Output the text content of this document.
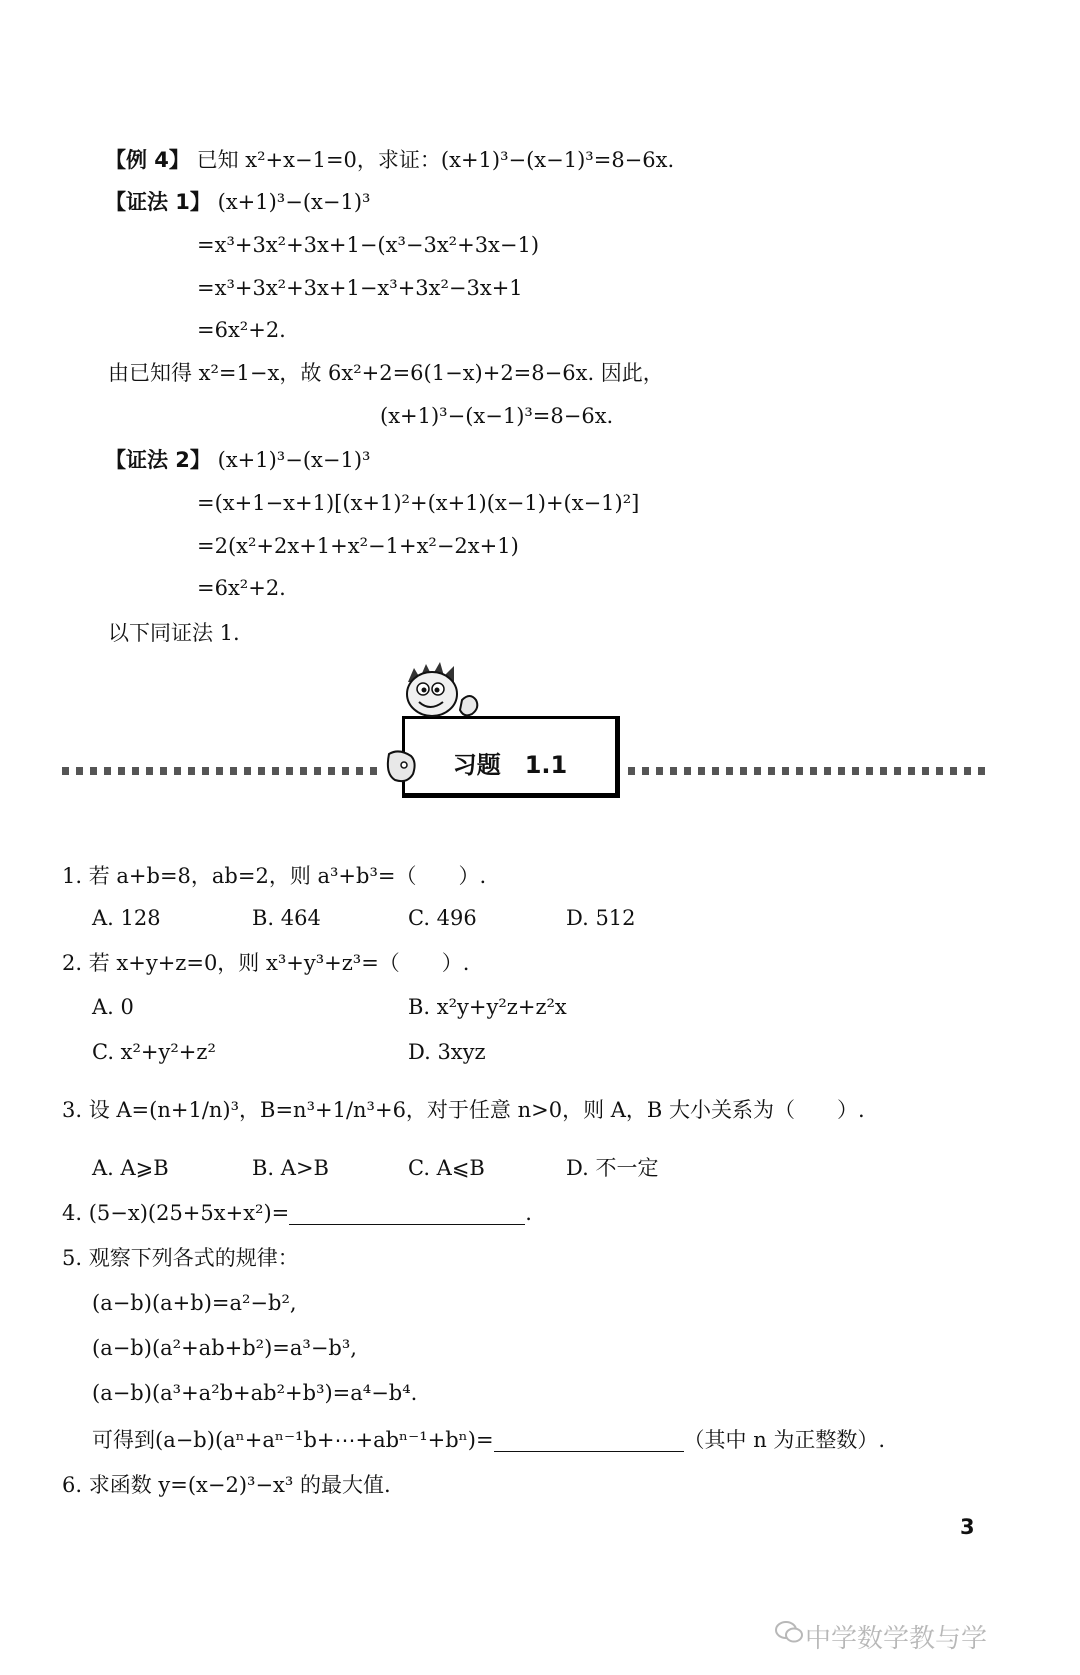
【例 4】 已知 x²+x−1=0，求证：(x+1)³−(x−1)³=8−6x.
【证法 1】 (x+1)³−(x−1)³
=x³+3x²+3x+1−(x³−3x²+3x−1)
=x³+3x²+3x+1−x³+3x²−3x+1
=6x²+2.
由已知得 x²=1−x，故 6x²+2=6(1−x)+2=8−6x. 因此，
(x+1)³−(x−1)³=8−6x.
【证法 2】 (x+1)³−(x−1)³
=(x+1−x+1)[(x+1)²+(x+1)(x−1)+(x−1)²]
=2(x²+2x+1+x²−1+x²−2x+1)
=6x²+2.
以下同证法 1.
习题　1.1
1. 若 a+b=8，ab=2，则 a³+b³=（　　）.
A. 128	B. 464	C. 496	D. 512
2. 若 x+y+z=0，则 x³+y³+z³=（　　）.
A. 0	B. x²y+y²z+z²x
C. x²+y²+z²	D. 3xyz
3. 设 A=(n+1/n)³，B=n³+1/n³+6，对于任意 n>0，则 A，B 大小关系为（　　）.
A. A⩾B	B. A>B	C. A⩽B	D. 不一定
4. (5−x)(25+5x+x²)=	.
5. 观察下列各式的规律：
(a−b)(a+b)=a²−b²,
(a−b)(a²+ab+b²)=a³−b³,
(a−b)(a³+a²b+ab²+b³)=a⁴−b⁴.
可得到(a−b)(aⁿ+aⁿ⁻¹b+⋯+abⁿ⁻¹+bⁿ)=	（其中 n 为正整数）.
6. 求函数 y=(x−2)³−x³ 的最大值.
3
中学数学教与学
